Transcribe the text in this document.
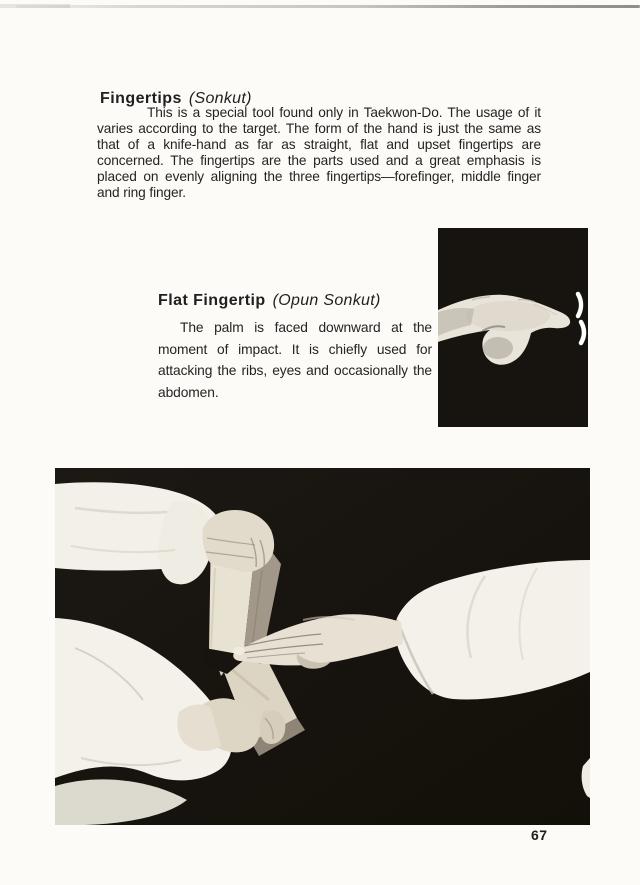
Fingertips (Sonkut)

This is a special tool found only in Taekwon-Do. The usage of it varies according to the target. The form of the hand is just the same as that of a knife-hand as far as straight, flat and upset fingertips are concerned. The fingertips are the parts used and a great emphasis is placed on evenly aligning the three fingertips—forefinger, middle finger and ring finger.

Flat Fingertip (Opun Sonkut)

The palm is faced downward at the moment of impact. It is chiefly used for attacking the ribs, eyes and occasionally the abdomen.

67
